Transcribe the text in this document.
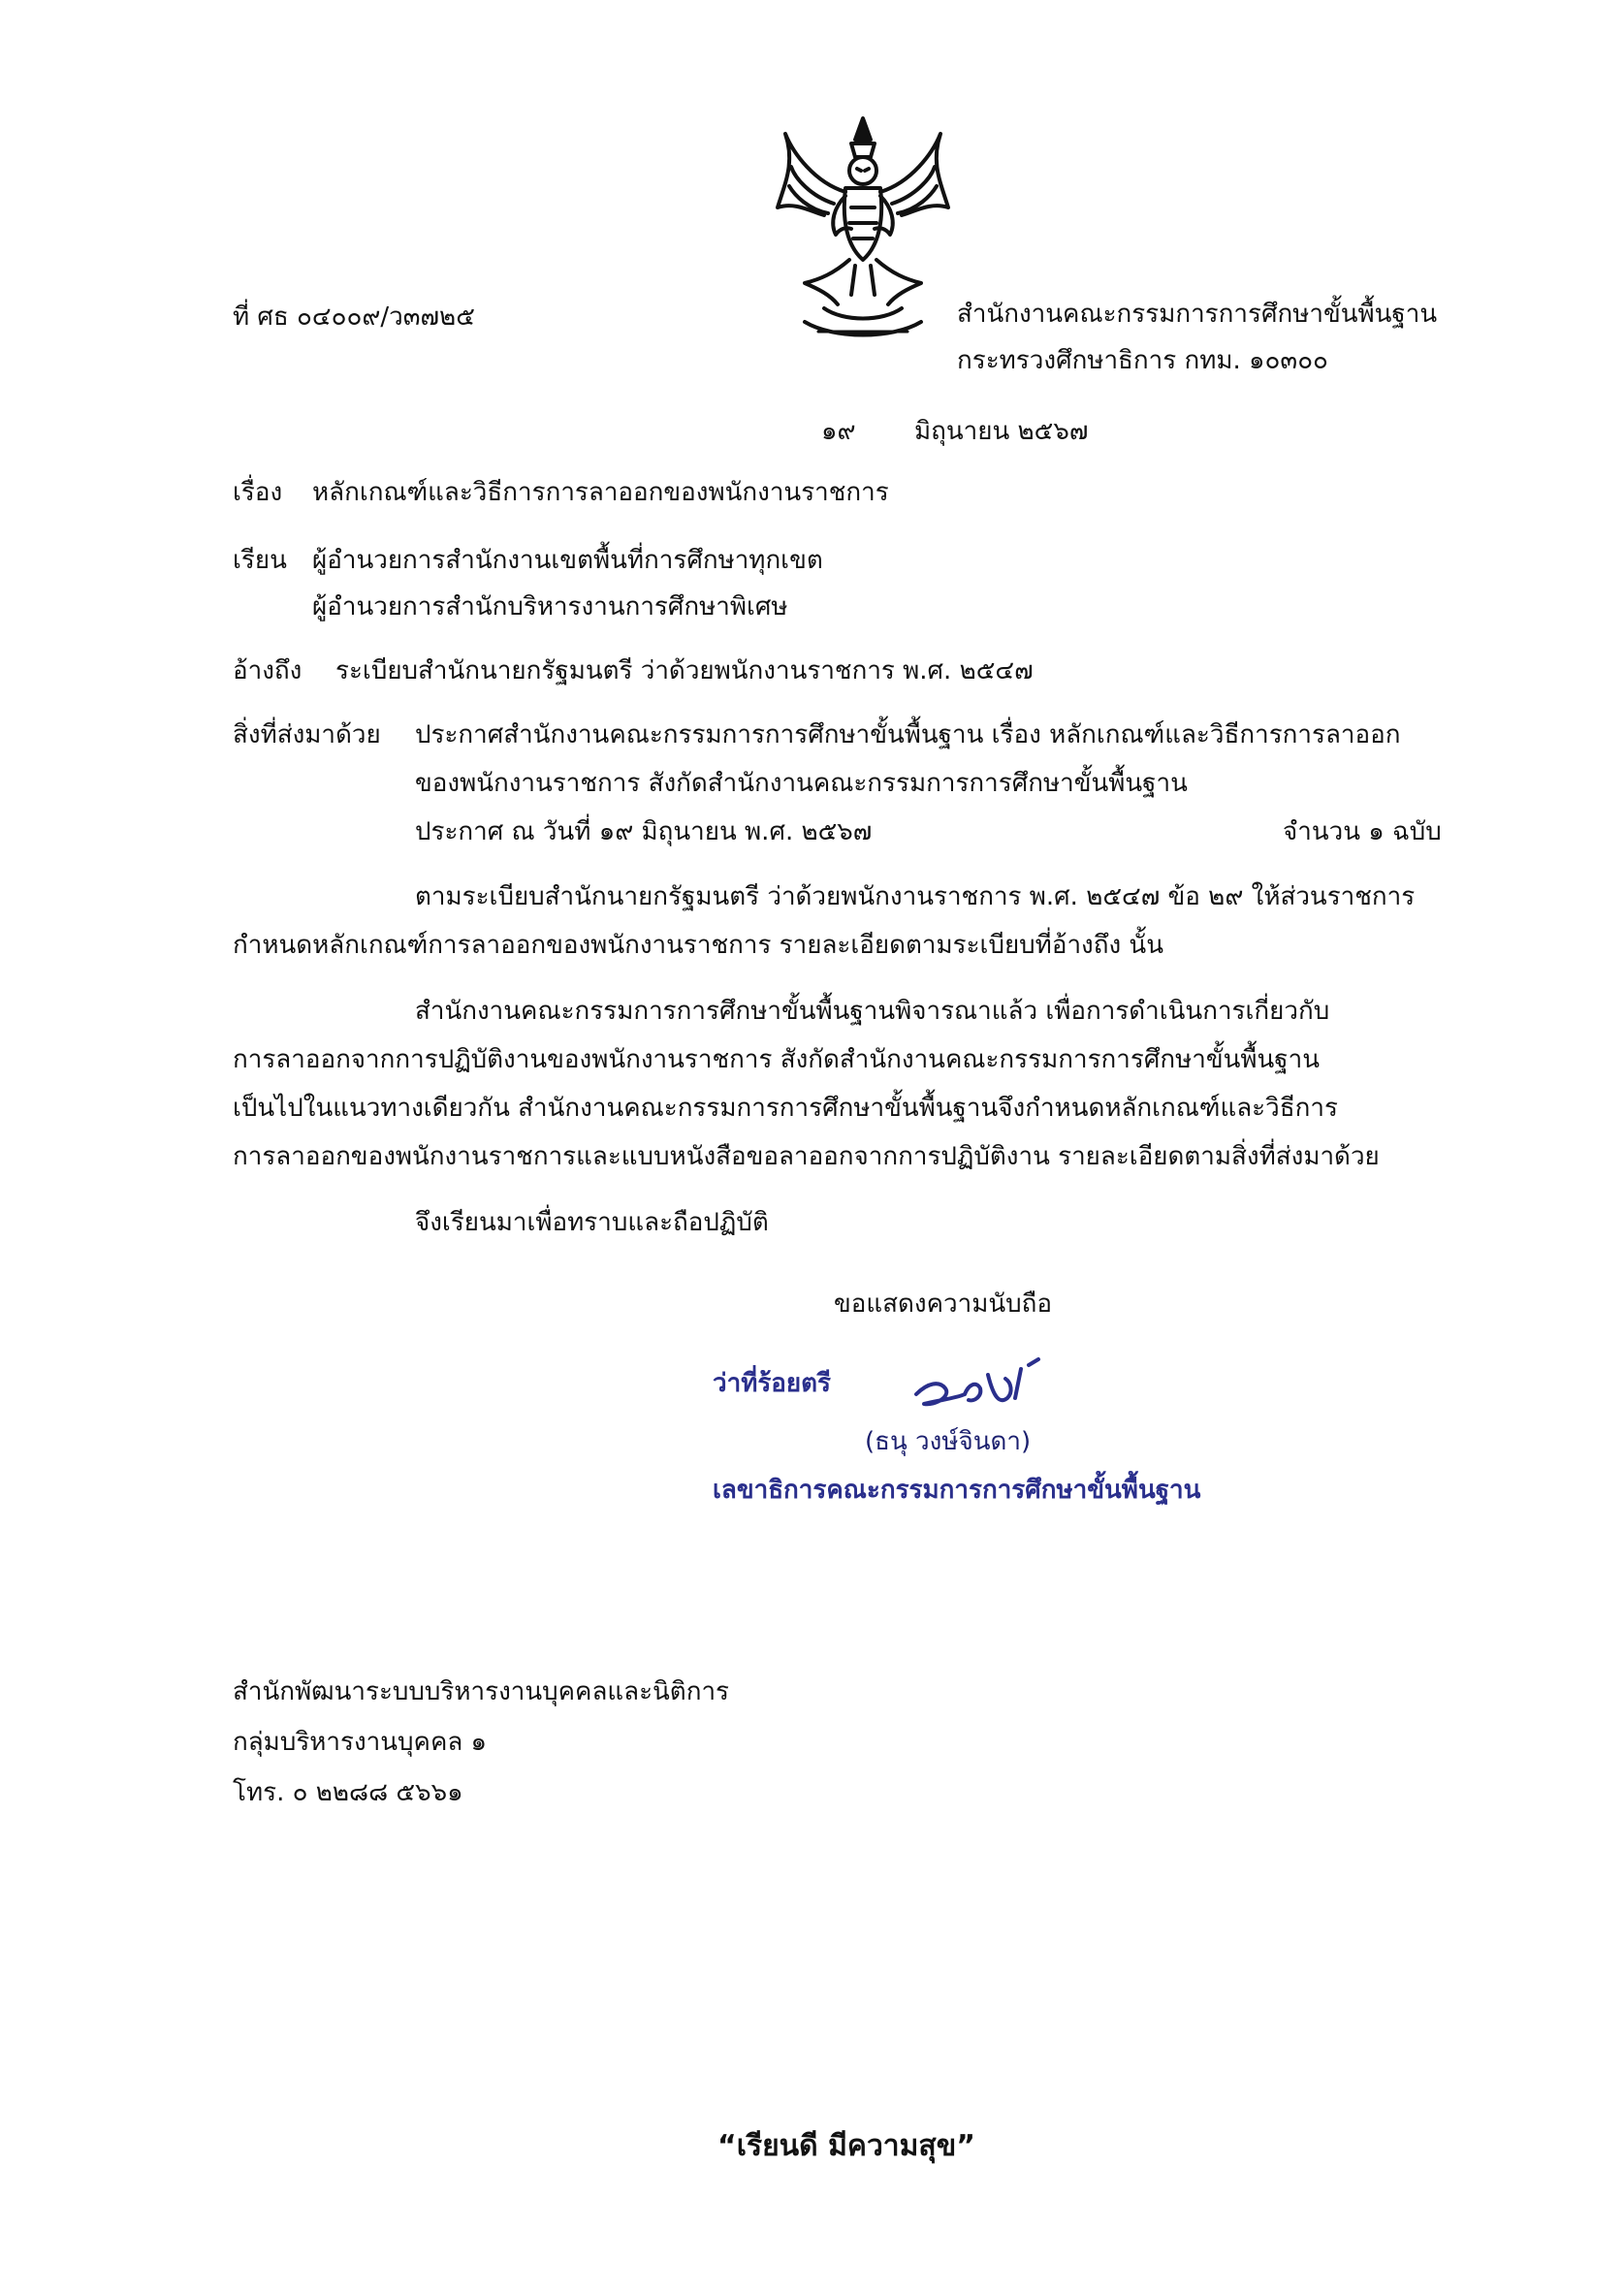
ที่ ศธ ๐๔๐๐๙/ว๓๗๒๕	สำนักงานคณะกรรมการการศึกษาขั้นพื้นฐาน
กระทรวงศึกษาธิการ กทม. ๑๐๓๐๐
๑๙ มิถุนายน ๒๕๖๗
เรื่อง หลักเกณฑ์และวิธีการการลาออกของพนักงานราชการ
เรียน ผู้อำนวยการสำนักงานเขตพื้นที่การศึกษาทุกเขต
ผู้อำนวยการสำนักบริหารงานการศึกษาพิเศษ
อ้างถึง ระเบียบสำนักนายกรัฐมนตรี ว่าด้วยพนักงานราชการ พ.ศ. ๒๕๔๗
สิ่งที่ส่งมาด้วย ประกาศสำนักงานคณะกรรมการการศึกษาขั้นพื้นฐาน เรื่อง หลักเกณฑ์และวิธีการการลาออก
ของพนักงานราชการ สังกัดสำนักงานคณะกรรมการการศึกษาขั้นพื้นฐาน
ประกาศ ณ วันที่ ๑๙ มิถุนายน พ.ศ. ๒๕๖๗	จำนวน ๑ ฉบับ
ตามระเบียบสำนักนายกรัฐมนตรี ว่าด้วยพนักงานราชการ พ.ศ. ๒๕๔๗ ข้อ ๒๙ ให้ส่วนราชการ
กำหนดหลักเกณฑ์การลาออกของพนักงานราชการ รายละเอียดตามระเบียบที่อ้างถึง นั้น
สำนักงานคณะกรรมการการศึกษาขั้นพื้นฐานพิจารณาแล้ว เพื่อการดำเนินการเกี่ยวกับ
การลาออกจากการปฏิบัติงานของพนักงานราชการ สังกัดสำนักงานคณะกรรมการการศึกษาขั้นพื้นฐาน
เป็นไปในแนวทางเดียวกัน สำนักงานคณะกรรมการการศึกษาขั้นพื้นฐานจึงกำหนดหลักเกณฑ์และวิธีการ
การลาออกของพนักงานราชการและแบบหนังสือขอลาออกจากการปฏิบัติงาน รายละเอียดตามสิ่งที่ส่งมาด้วย
จึงเรียนมาเพื่อทราบและถือปฏิบัติ
ขอแสดงความนับถือ
ว่าที่ร้อยตรี
(ธนุ วงษ์จินดา)
เลขาธิการคณะกรรมการการศึกษาขั้นพื้นฐาน
สำนักพัฒนาระบบบริหารงานบุคคลและนิติการ
กลุ่มบริหารงานบุคคล ๑
โทร. ๐ ๒๒๘๘ ๕๖๖๑
“เรียนดี มีความสุข”
